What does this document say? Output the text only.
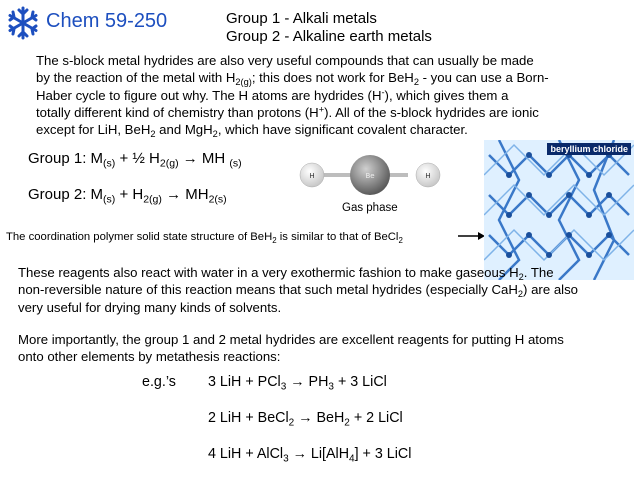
Chem 59-250	Group 1 - Alkali metals
Group 2 - Alkaline earth metals
The s-block metal hydrides are also very useful compounds that can usually be made
by the reaction of the metal with $H_{2(g)}$; this does not work for BeH$_2$ - you can use a Born-
Haber cycle to figure out why. The H atoms are hydrides (H-), which gives them a
totally different kind of chemistry than protons (H+). All of the s-block hydrides are ionic
except for LiH, BeH$_2$ and MgH$_2$, which have significant covalent character.
Group 1: $M_{(s)}$ + ½ $H_{2(g)}$ → MH $_{(s)}$
Group 2: $M_{(s)} + H_{2(g)} \to MH_{2(s)}$
H	Be	H
Gas phase
The coordination polymer solid state structure of BeH$_2$ is similar to that of BeCl$_2$
beryllium chloride
These reagents also react with water in a very exothermic fashion to make gaseous $H_2$. The
non-reversible nature of this reaction means that such metal hydrides (especially CaH$_2$) are also
very useful for drying many kinds of solvents.
More importantly, the group 1 and 2 metal hydrides are excellent reagents for putting H atoms
onto other elements by metathesis reactions:
e.g.’s 3 LiH + $PCl_3 \to PH_3 + 3$ LiCl
2 LiH + BeCl$_2$ → BeH$_2$ + 2 LiCl
4 LiH + AlCl$_3$ → Li[AlH$_4$] + 3 LiCl
